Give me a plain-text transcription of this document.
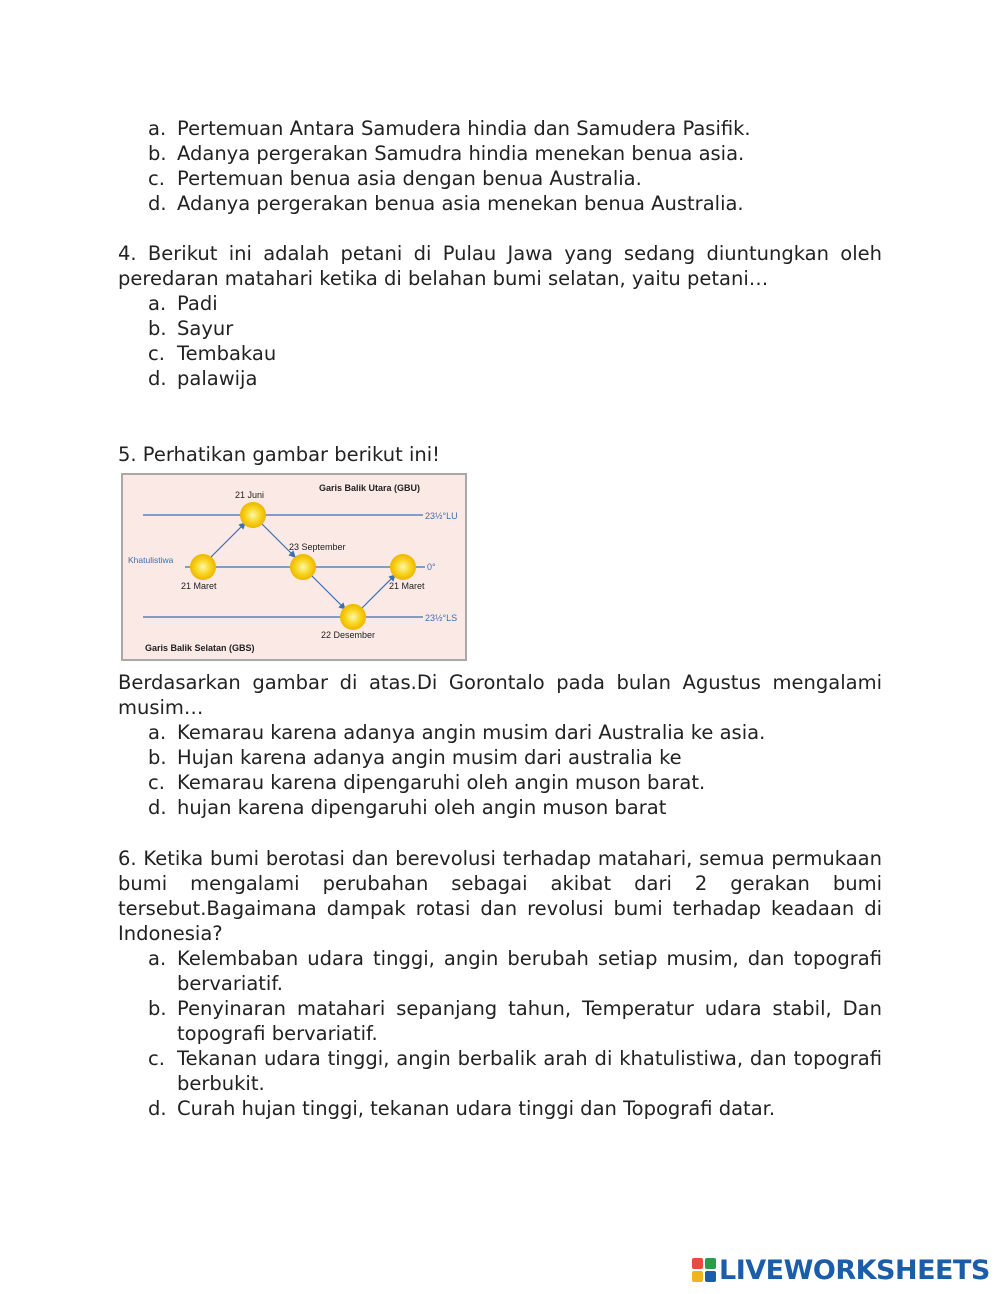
a. Pertemuan Antara Samudera hindia dan Samudera Pasifik.
b. Adanya pergerakan Samudra hindia menekan benua asia.
c. Pertemuan benua asia dengan benua Australia.
d. Adanya pergerakan benua asia menekan benua Australia.

4. Berikut ini adalah petani di Pulau Jawa yang sedang diuntungkan oleh peredaran matahari ketika di belahan bumi selatan, yaitu petani…

a. Padi
b. Sayur
c. Tembakau
d. palawija

5. Perhatikan gambar berikut ini!

Berdasarkan gambar di atas.Di Gorontalo pada bulan Agustus mengalami musim…

a. Kemarau karena adanya angin musim dari Australia ke asia.
b. Hujan karena adanya angin musim dari australia ke
c. Kemarau karena dipengaruhi oleh angin muson barat.
d. hujan karena dipengaruhi oleh angin muson barat

6. Ketika bumi berotasi dan berevolusi terhadap matahari, semua permukaan bumi mengalami perubahan sebagai akibat dari 2 gerakan bumi tersebut.Bagaimana dampak rotasi dan revolusi bumi terhadap keadaan di Indonesia?

a. Kelembaban udara tinggi, angin berubah setiap musim, dan topografi bervariatif.
b. Penyinaran matahari sepanjang tahun, Temperatur udara stabil, Dan topografi bervariatif.
c. Tekanan udara tinggi, angin berbalik arah di khatulistiwa, dan topografi berbukit.
d. Curah hujan tinggi, tekanan udara tinggi dan Topografi datar.
Garis Balik Utara (GBU)
21 Juni
23½°LU
23 September
Khatulistiwa
0°
21 Maret	21 Maret
23½°LS
22 Desember
Garis Balik Selatan (GBS)
LIVEWORKSHEETS
